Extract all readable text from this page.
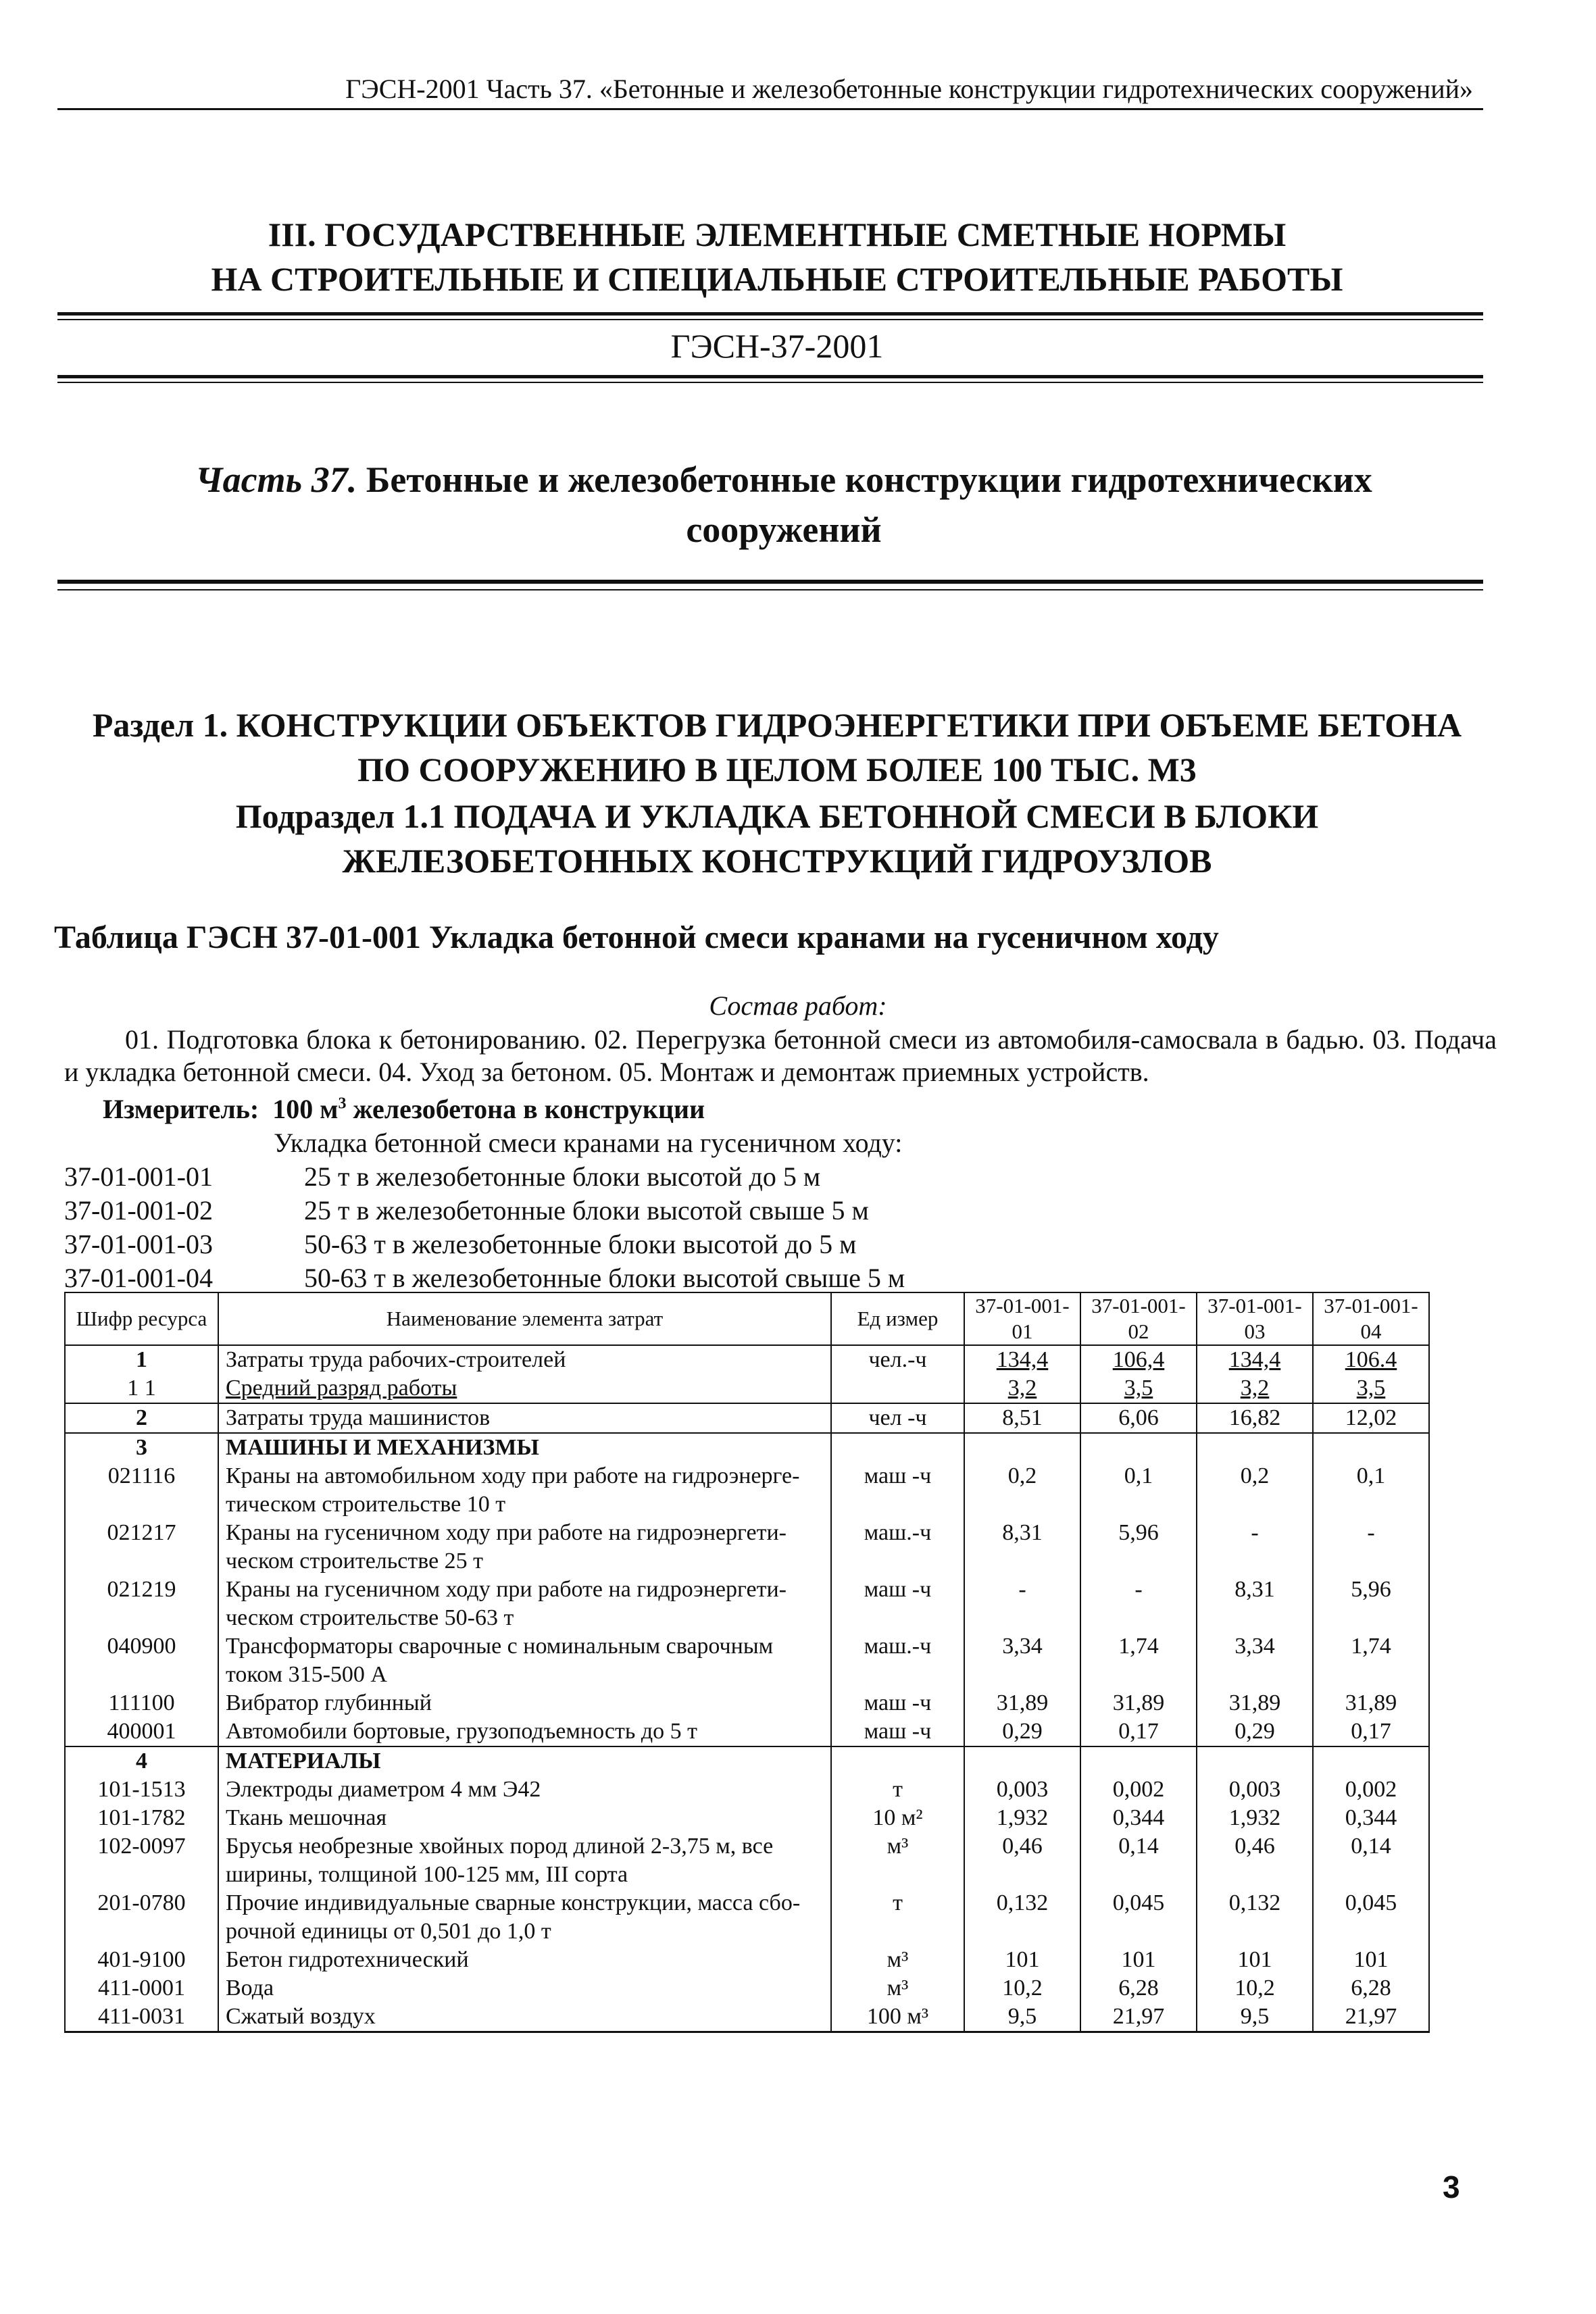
ГЭСН-2001 Часть 37. «Бетонные и железобетонные конструкции гидротехнических сооружений»
III. ГОСУДАРСТВЕННЫЕ ЭЛЕМЕНТНЫЕ СМЕТНЫЕ НОРМЫ
НА СТРОИТЕЛЬНЫЕ И СПЕЦИАЛЬНЫЕ СТРОИТЕЛЬНЫЕ РАБОТЫ
ГЭСН-37-2001
Часть 37. Бетонные и железобетонные конструкции гидротехнических
сооружений
Раздел 1. КОНСТРУКЦИИ ОБЪЕКТОВ ГИДРОЭНЕРГЕТИКИ ПРИ ОБЪЕМЕ БЕТОНА
ПО СООРУЖЕНИЮ В ЦЕЛОМ БОЛЕЕ 100 ТЫС. М3
Подраздел 1.1 ПОДАЧА И УКЛАДКА БЕТОННОЙ СМЕСИ В БЛОКИ
ЖЕЛЕЗОБЕТОННЫХ КОНСТРУКЦИЙ ГИДРОУЗЛОВ
Таблица ГЭСН 37-01-001 Укладка бетонной смеси кранами на гусеничном ходу
Состав работ:
01. Подготовка блока к бетонированию. 02. Перегрузка бетонной смеси из автомобиля-самосвала в бадью. 03. Подача и укладка бетонной смеси. 04. Уход за бетоном. 05. Монтаж и демонтаж приемных устройств.
Измеритель: 100 $м^3$ железобетона в конструкции
Укладка бетонной смеси кранами на гусеничном ходу:
37-01-001-01	25 т в железобетонные блоки высотой до 5 м
37-01-001-02	25 т в железобетонные блоки высотой свыше 5 м
37-01-001-03	50-63 т в железобетонные блоки высотой до 5 м
37-01-001-04	50-63 т в железобетонные блоки высотой свыше 5 м
Шифр ресурса	Наименование элемента затрат	Ед измер	37-01-001-01	37-01-001-02	37-01-001-03	37-01-001-04
1	Затраты труда рабочих-строителей	чел.-ч	134,4	106,4	134,4	106.4
1 1	Средний разряд работы		3,2	3,5	3,2	3,5
2	Затраты труда машинистов	чел -ч	8,51	6,06	16,82	12,02
3	МАШИНЫ И МЕХАНИЗМЫ					
021116	Краны на автомобильном ходу при работе на гидроэнерге-тическом строительстве 10 т	маш -ч	0,2	0,1	0,2	0,1
021217	Краны на гусеничном ходу при работе на гидроэнергети-ческом строительстве 25 т	маш.-ч	8,31	5,96	-	-
021219	Краны на гусеничном ходу при работе на гидроэнергети-ческом строительстве 50-63 т	маш -ч	-	-	8,31	5,96
040900	Трансформаторы сварочные с номинальным сварочным током 315-500 А	маш.-ч	3,34	1,74	3,34	1,74
111100	Вибратор глубинный	маш -ч	31,89	31,89	31,89	31,89
400001	Автомобили бортовые, грузоподъемность до 5 т	маш -ч	0,29	0,17	0,29	0,17
4	МАТЕРИАЛЫ					
101-1513	Электроды диаметром 4 мм Э42	т	0,003	0,002	0,003	0,002
101-1782	Ткань мешочная	10 м²	1,932	0,344	1,932	0,344
102-0097	Брусья необрезные хвойных пород длиной 2-3,75 м, все ширины, толщиной 100-125 мм, III сорта	м³	0,46	0,14	0,46	0,14
201-0780	Прочие индивидуальные сварные конструкции, масса сбо-рочной единицы от 0,501 до 1,0 т	т	0,132	0,045	0,132	0,045
401-9100	Бетон гидротехнический	м³	101	101	101	101
411-0001	Вода	м³	10,2	6,28	10,2	6,28
411-0031	Сжатый воздух	100 м³	9,5	21,97	9,5	21,97
3
